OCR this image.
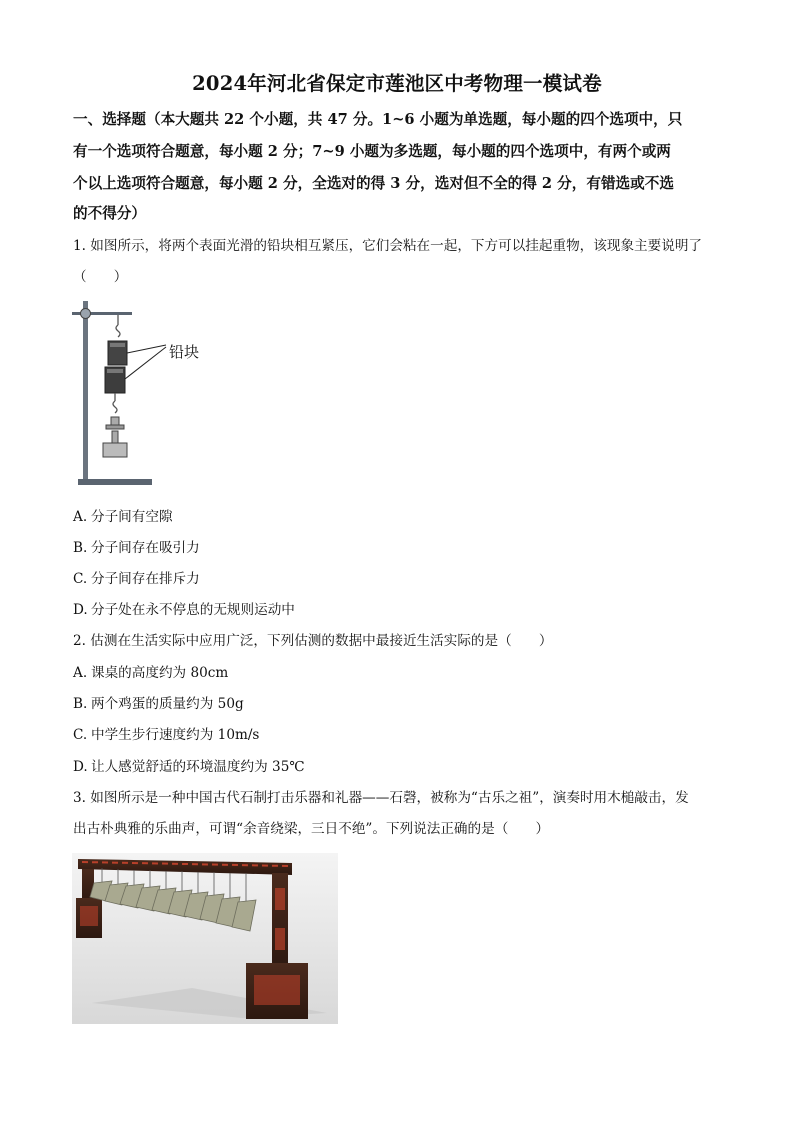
2024年河北省保定市莲池区中考物理一模试卷
一、选择题（本大题共 22 个小题，共 47 分。1~6 小题为单选题，每小题的四个选项中，只
有一个选项符合题意，每小题 2 分；7~9 小题为多选题，每小题的四个选项中，有两个或两
个以上选项符合题意，每小题 2 分，全选对的得 3 分，选对但不全的得 2 分，有错选或不选
的不得分）
1. 如图所示，将两个表面光滑的铅块相互紧压，它们会粘在一起，下方可以挂起重物，该现象主要说明了
（　　）
铅块
A. 分子间有空隙
B. 分子间存在吸引力
C. 分子间存在排斥力
D. 分子处在永不停息的无规则运动中
2. 估测在生活实际中应用广泛，下列估测的数据中最接近生活实际的是（　　）
A. 课桌的高度约为 80cm
B. 两个鸡蛋的质量约为 50g
C. 中学生步行速度约为 10m/s
D. 让人感觉舒适的环境温度约为 35℃
3. 如图所示是一种中国古代石制打击乐器和礼器——石磬，被称为“古乐之祖”，演奏时用木槌敲击，发
出古朴典雅的乐曲声，可谓“余音绕梁，三日不绝”。下列说法正确的是（　　）
